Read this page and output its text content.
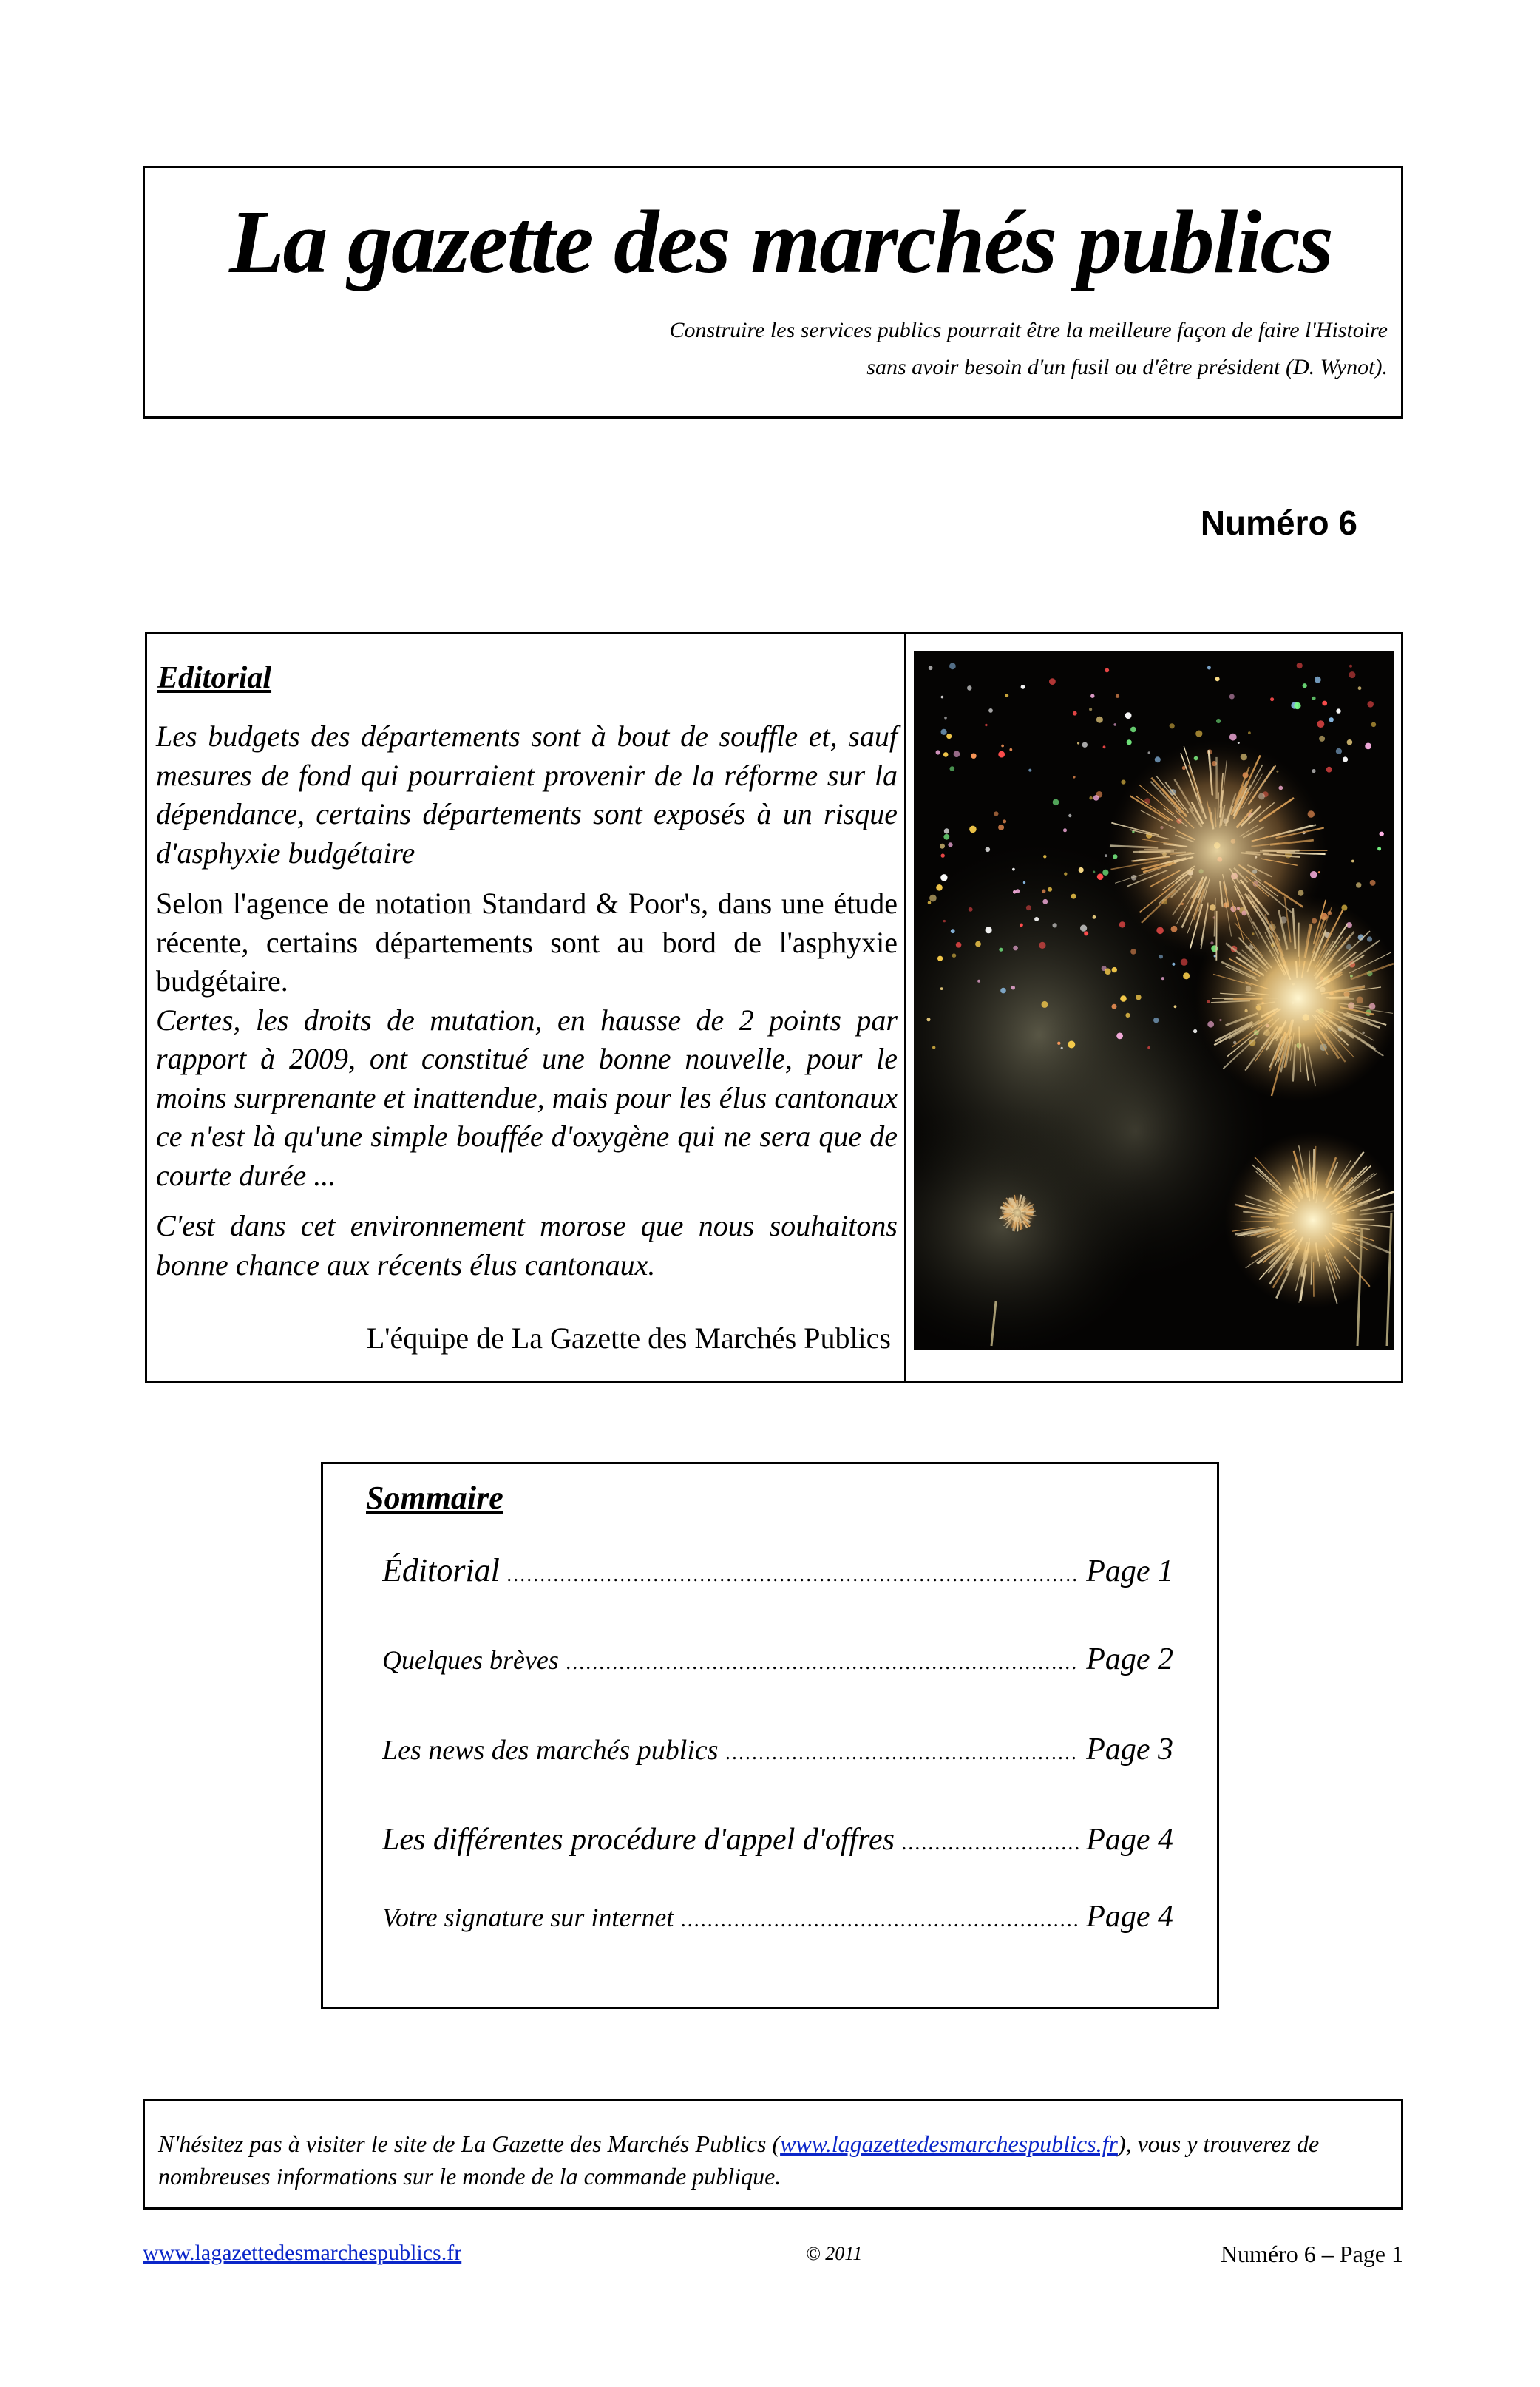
La gazette des marchés publics
Construire les services publics pourrait être la meilleure façon de faire l'Histoire
sans avoir besoin d'un fusil ou d'être président (D. Wynot).
Numéro 6
Editorial

Les budgets des départements sont à bout de souffle et, sauf mesures de fond qui pourraient provenir de la réforme sur la dépendance, certains départements sont exposés à un risque d'asphyxie budgétaire

Selon l'agence de notation Standard & Poor's, dans une étude récente, certains départements sont au bord de l'asphyxie budgétaire.

Certes, les droits de mutation, en hausse de 2 points par rapport à 2009, ont constitué une bonne nouvelle, pour le moins surprenante et inattendue, mais pour les élus cantonaux ce n'est là qu'une simple bouffée d'oxygène qui ne sera que de courte durée ...

C'est dans cet environnement morose que nous souhaitons bonne chance aux récents élus cantonaux.

L'équipe de La Gazette des Marchés Publics
Sommaire
Éditorial .....	Page 1
Quelques brèves .....	Page 2
Les news des marchés publics .....	Page 3
Les différentes procédure d'appel d'offres .....	Page 4
Votre signature sur internet .....	Page 4
N'hésitez pas à visiter le site de La Gazette des Marchés Publics (www.lagazettedesmarchespublics.fr), vous y trouverez de nombreuses informations sur le monde de la commande publique.
www.lagazettedesmarchespublics.fr	© 2011	Numéro 6 – Page 1
